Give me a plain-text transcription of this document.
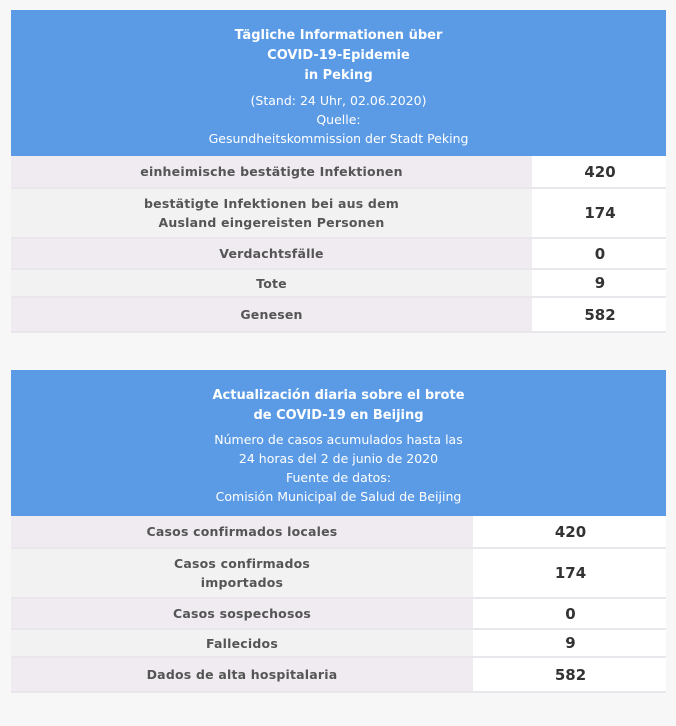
Tägliche Informationen über
COVID-19-Epidemie
in Peking
(Stand: 24 Uhr, 02.06.2020)
Quelle:
Gesundheitskommission der Stadt Peking
einheimische bestätigte Infektionen	420
bestätigte Infektionen bei aus dem
Ausland eingereisten Personen	174
Verdachtsfälle	0
Tote	9
Genesen	582
Actualización diaria sobre el brote
de COVID-19 en Beijing
Número de casos acumulados hasta las
24 horas del 2 de junio de 2020
Fuente de datos:
Comisión Municipal de Salud de Beijing
Casos confirmados locales	420
Casos confirmados
importados	174
Casos sospechosos	0
Fallecidos	9
Dados de alta hospitalaria	582
